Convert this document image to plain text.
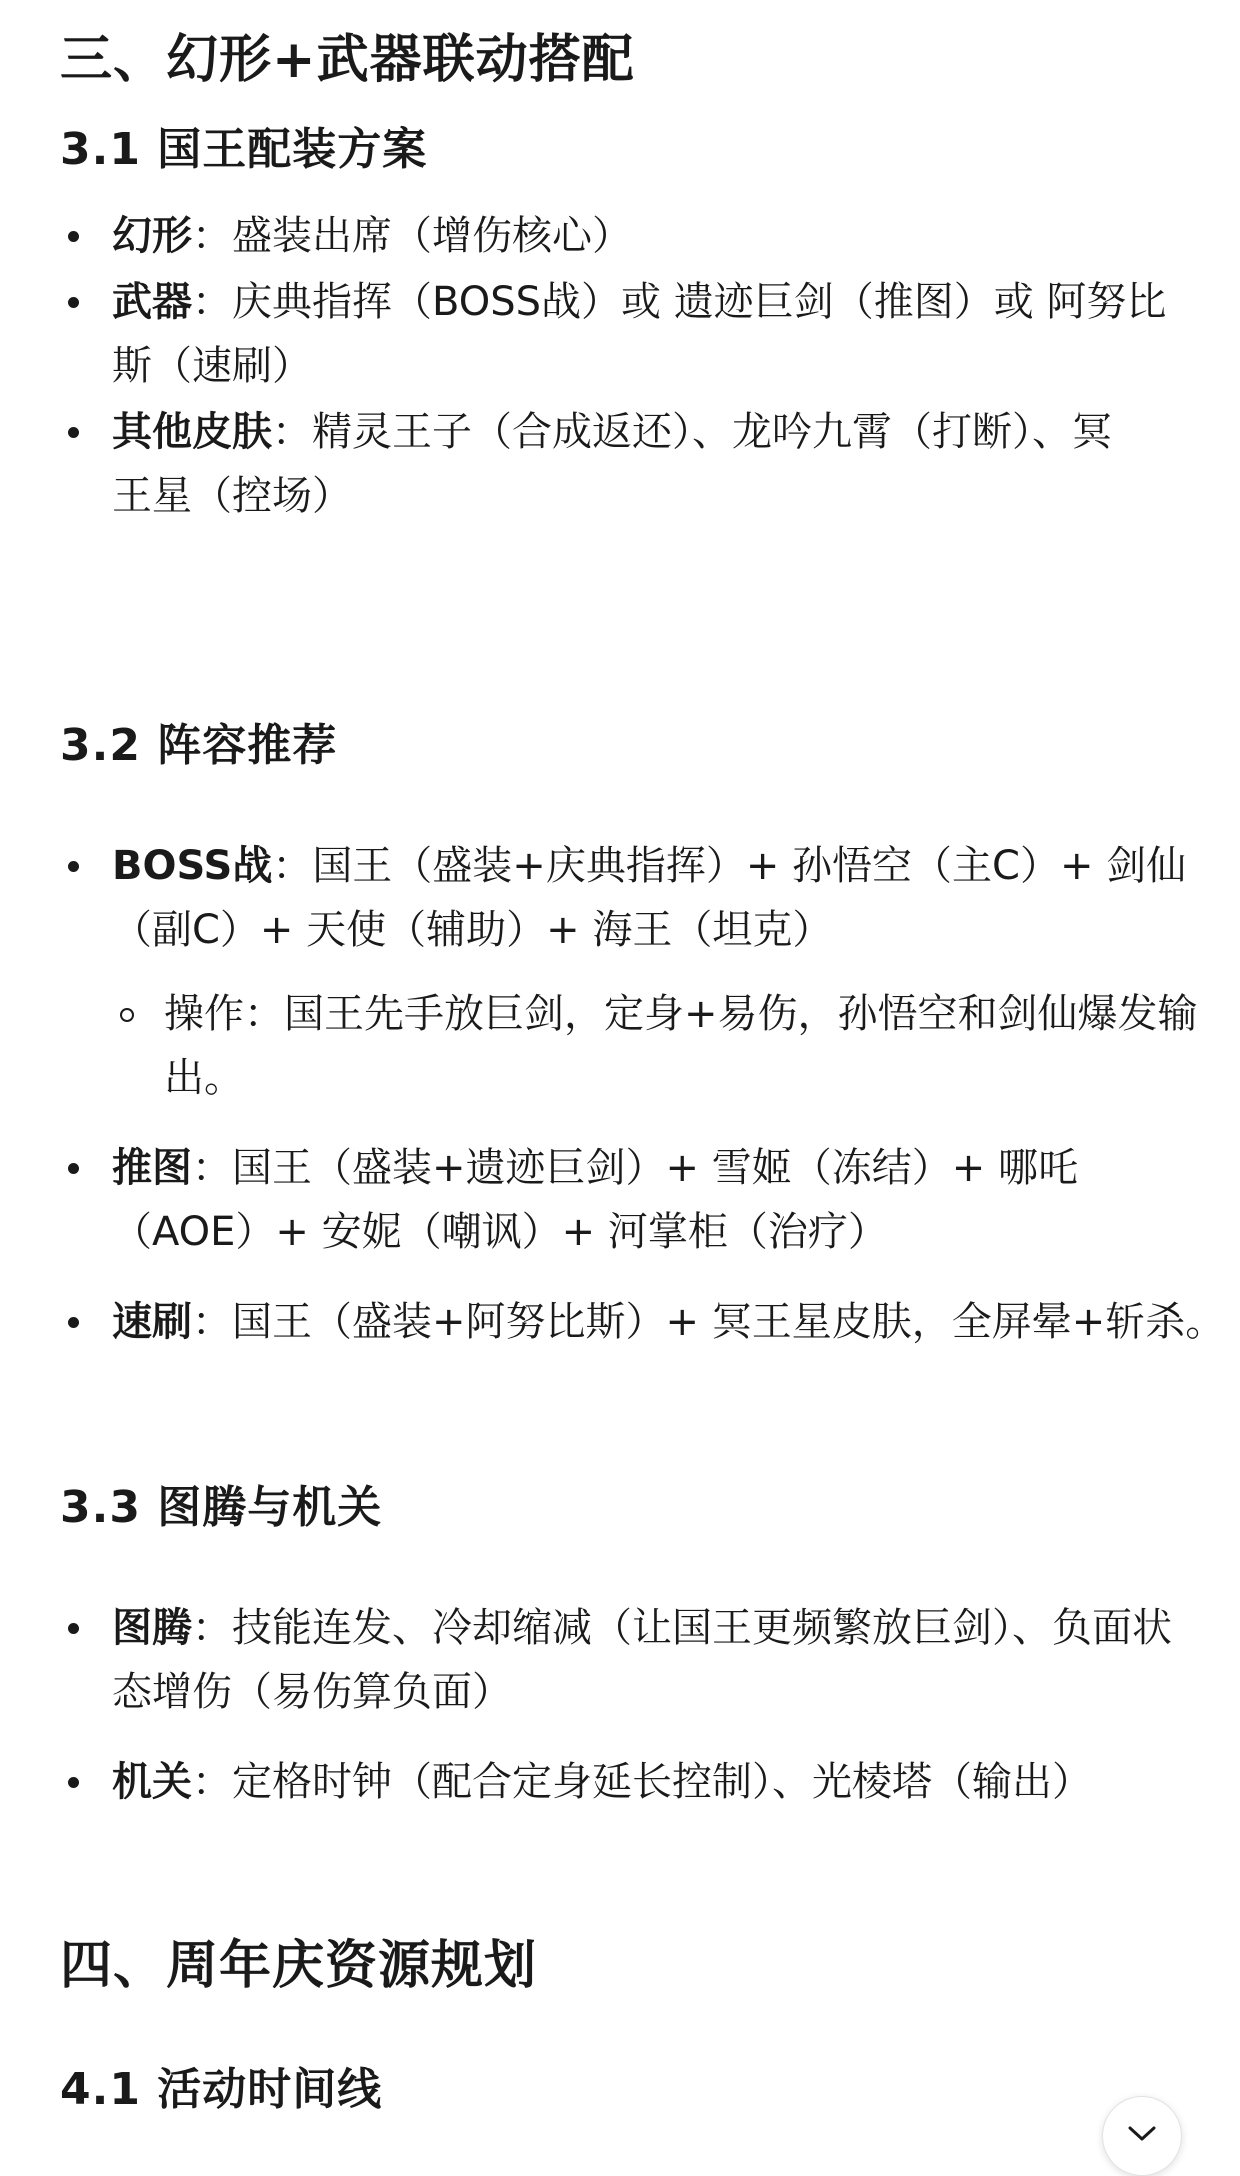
三、幻形+武器联动搭配
3.1 国王配装方案
幻形：盛装出席（增伤核心）
武器：庆典指挥（BOSS战）或 遗迹巨剑（推图）或 阿努比斯（速刷）
其他皮肤：精灵王子（合成返还）、龙吟九霄（打断）、冥王星（控场）
3.2 阵容推荐
BOSS战：国王（盛装+庆典指挥）+ 孙悟空（主C）+ 剑仙（副C）+ 天使（辅助）+ 海王（坦克）
操作：国王先手放巨剑，定身+易伤，孙悟空和剑仙爆发输出。
推图：国王（盛装+遗迹巨剑）+ 雪姬（冻结）+ 哪吒（AOE）+ 安妮（嘲讽）+ 河掌柜（治疗）
速刷：国王（盛装+阿努比斯）+ 冥王星皮肤，全屏晕+斩杀。
3.3 图腾与机关
图腾：技能连发、冷却缩减（让国王更频繁放巨剑）、负面状态增伤（易伤算负面）
机关：定格时钟（配合定身延长控制）、光棱塔（输出）
四、周年庆资源规划
4.1 活动时间线
